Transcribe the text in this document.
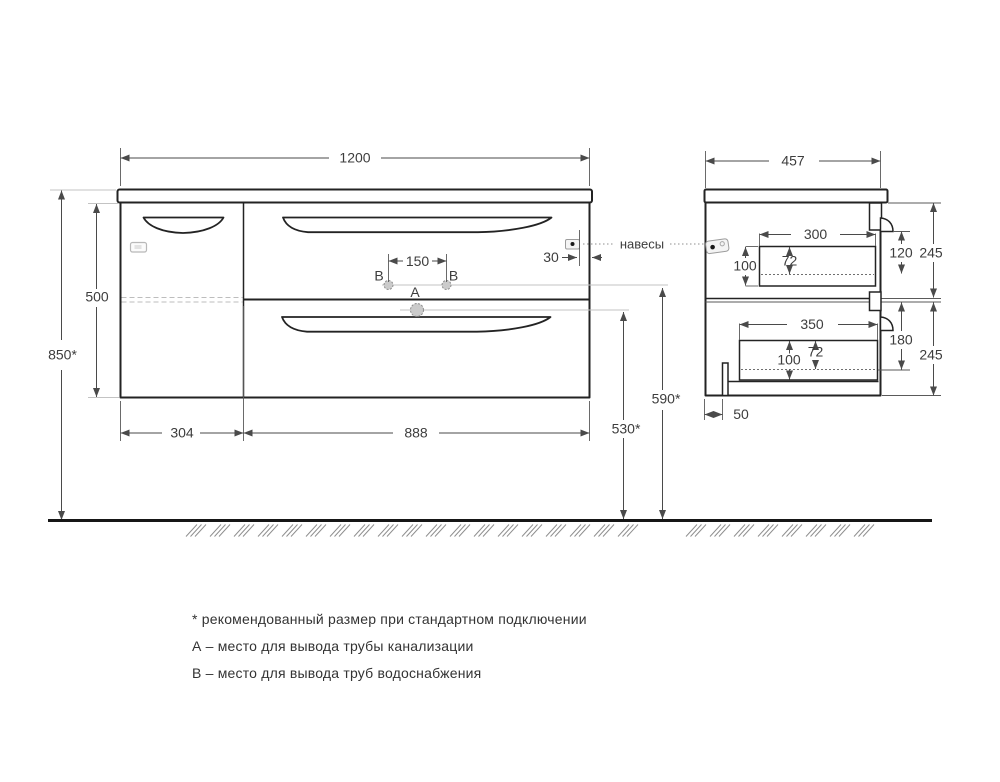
B	B
A
1200
850*
500
304	888
150	30
530*
590*
навесы
457
300
100 72
350
100 72
120
180
245
245
50
* рекомендованный размер при стандартном подключении
А – место для вывода трубы канализации
В – место для вывода труб водоснабжения
